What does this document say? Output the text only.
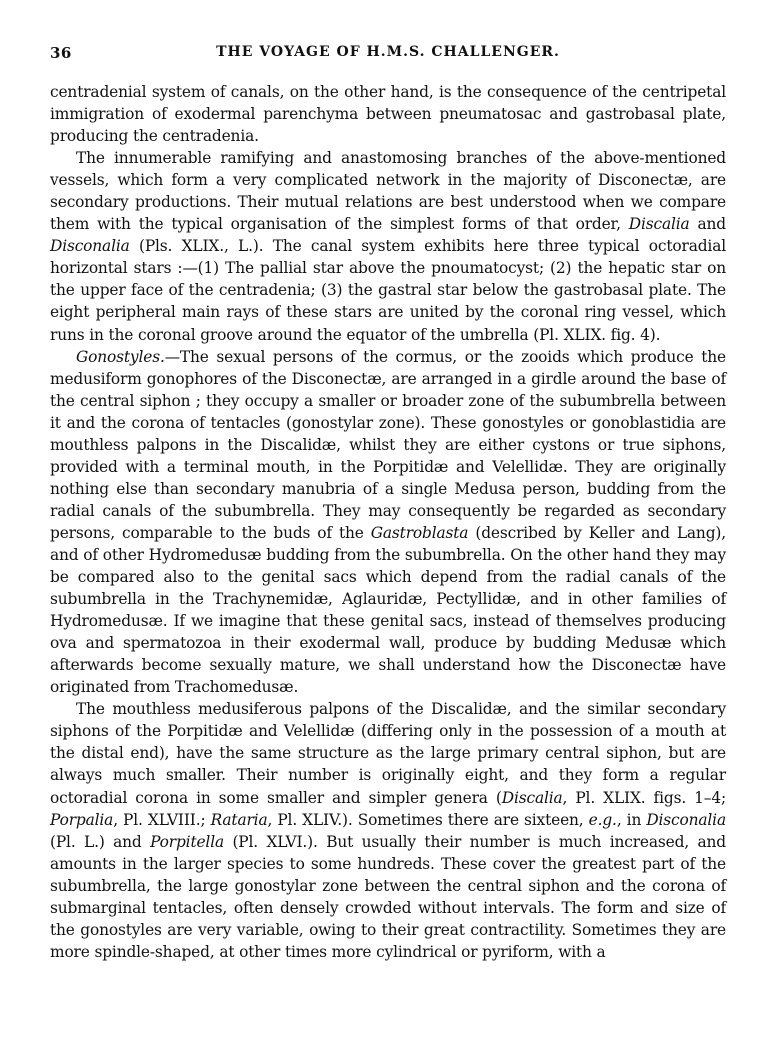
36	THE VOYAGE OF H.M.S. CHALLENGER.

centradenial system of canals, on the other hand, is the consequence of the centripetal immigration of exodermal parenchyma between pneumatosac and gastrobasal plate, producing the centradenia.

The innumerable ramifying and anastomosing branches of the above-mentioned vessels, which form a very complicated network in the majority of Disconectæ, are secondary productions. Their mutual relations are best understood when we compare them with the typical organisation of the simplest forms of that order, Discalia and Disconalia (Pls. XLIX., L.). The canal system exhibits here three typical octoradial horizontal stars :—(1) The pallial star above the pnoumatocyst; (2) the hepatic star on the upper face of the centradenia; (3) the gastral star below the gastrobasal plate. The eight peripheral main rays of these stars are united by the coronal ring vessel, which runs in the coronal groove around the equator of the umbrella (Pl. XLIX. fig. 4).

Gonostyles.—The sexual persons of the cormus, or the zooids which produce the medusiform gonophores of the Disconectæ, are arranged in a girdle around the base of the central siphon ; they occupy a smaller or broader zone of the subumbrella between it and the corona of tentacles (gonostylar zone). These gonostyles or gonoblastidia are mouthless palpons in the Discalidæ, whilst they are either cystons or true siphons, provided with a terminal mouth, in the Porpitidæ and Velellidæ. They are originally nothing else than secondary manubria of a single Medusa person, budding from the radial canals of the subumbrella. They may consequently be regarded as secondary persons, comparable to the buds of the Gastroblasta (described by Keller and Lang), and of other Hydromedusæ budding from the subumbrella. On the other hand they may be compared also to the genital sacs which depend from the radial canals of the subumbrella in the Trachynemidæ, Aglauridæ, Pectyllidæ, and in other families of Hydromedusæ. If we imagine that these genital sacs, instead of themselves producing ova and spermatozoa in their exodermal wall, produce by budding Medusæ which afterwards become sexually mature, we shall understand how the Disconectæ have originated from Trachomedusæ.

The mouthless medusiferous palpons of the Discalidæ, and the similar secondary siphons of the Porpitidæ and Velellidæ (differing only in the possession of a mouth at the distal end), have the same structure as the large primary central siphon, but are always much smaller. Their number is originally eight, and they form a regular octoradial corona in some smaller and simpler genera (Discalia, Pl. XLIX. figs. 1–4; Porpalia, Pl. XLVIII.; Rataria, Pl. XLIV.). Sometimes there are sixteen, e.g., in Disconalia (Pl. L.) and Porpitella (Pl. XLVI.). But usually their number is much increased, and amounts in the larger species to some hundreds. These cover the greatest part of the subumbrella, the large gonostylar zone between the central siphon and the corona of submarginal tentacles, often densely crowded without intervals. The form and size of the gonostyles are very variable, owing to their great contractility. Sometimes they are more spindle-shaped, at other times more cylindrical or pyriform, with a
